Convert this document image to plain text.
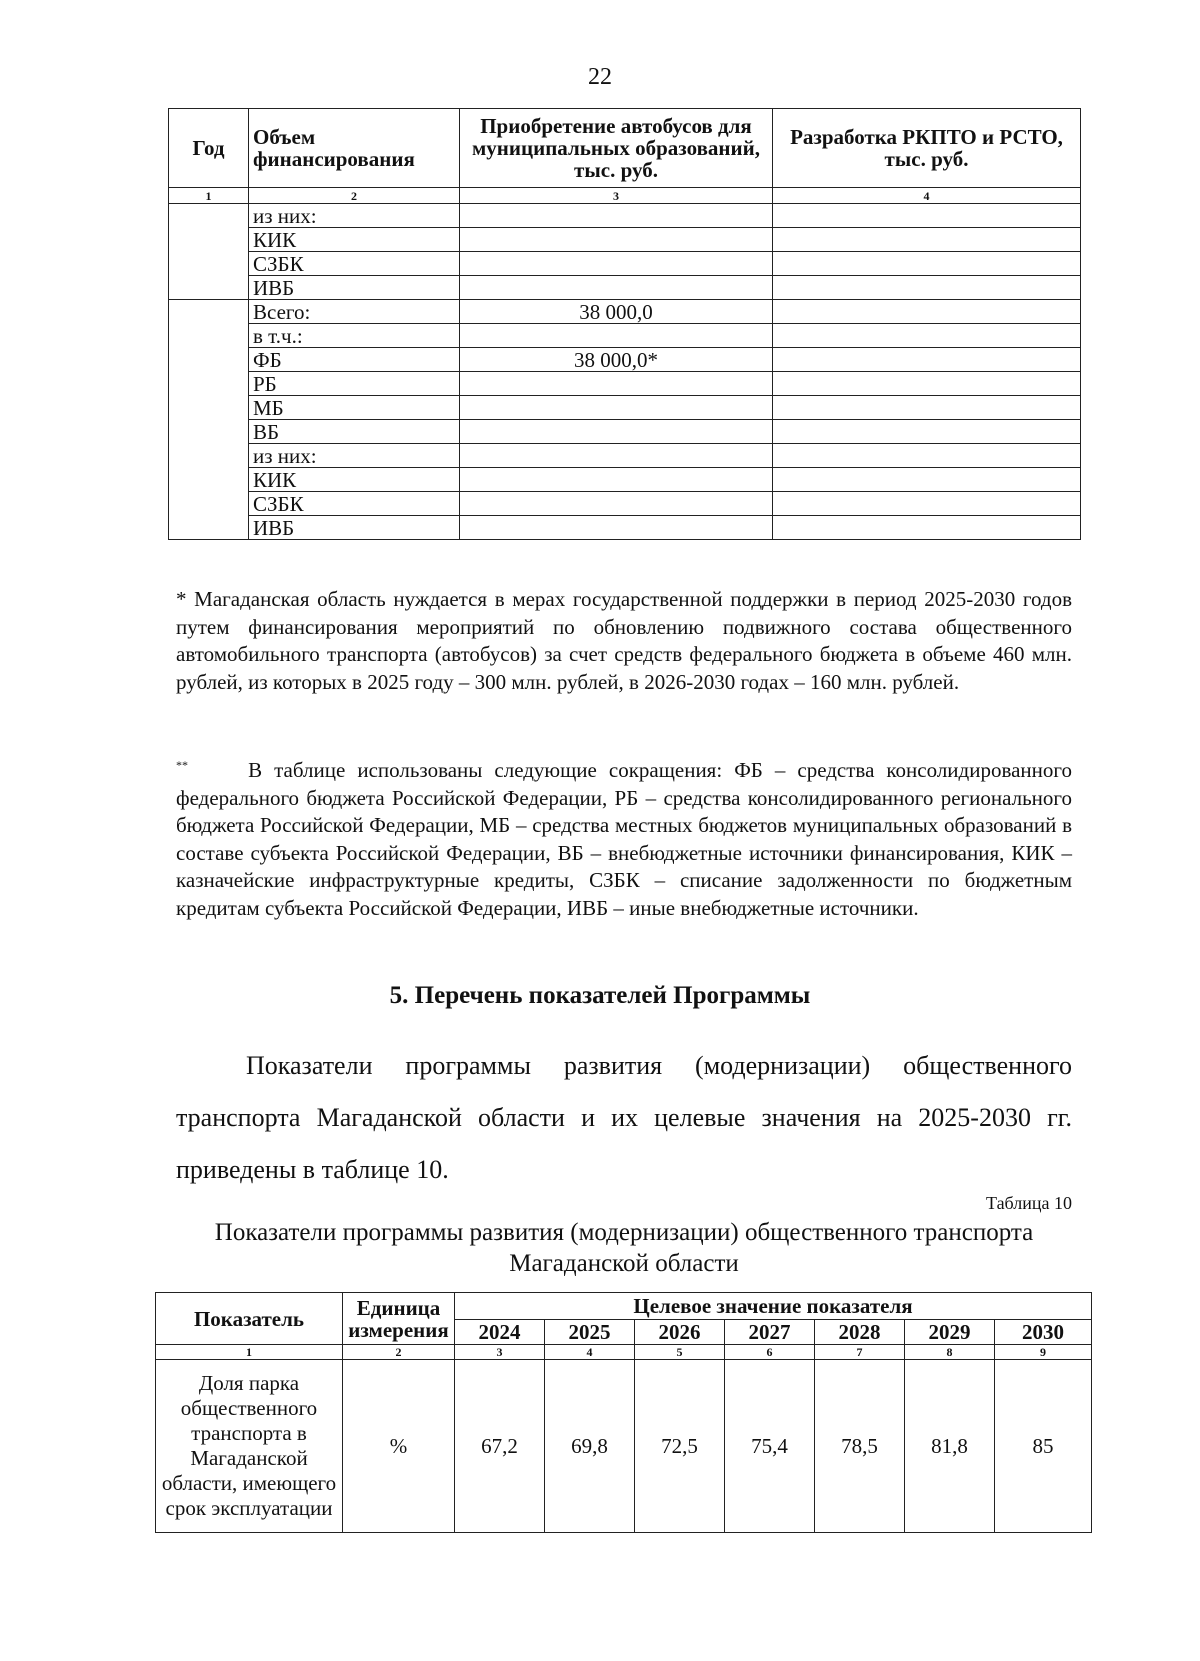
22
Год	Объем финансирования	Приобретение автобусов для муниципальных образований, тыс. руб.	Разработка РКПТО и РСТО, тыс. руб.
1	2	3	4
	из них:		
	КИК		
	СЗБК		
	ИВБ		
	Всего:	38 000,0	
	в т.ч.:		
	ФБ	38 000,0*	
	РБ		
	МБ		
	ВБ		
	из них:		
	КИК		
	СЗБК		
	ИВБ		
* Магаданская область нуждается в мерах государственной поддержки в период 2025-2030 годов путем финансирования мероприятий по обновлению подвижного состава общественного автомобильного транспорта (автобусов) за счет средств федерального бюджета в объеме 460 млн. рублей, из которых в 2025 году – 300 млн. рублей, в 2026-2030 годах – 160 млн. рублей.
**	В таблице использованы следующие сокращения: ФБ – средства консолидированного федерального бюджета Российской Федерации, РБ – средства консолидированного регионального бюджета Российской Федерации, МБ – средства местных бюджетов муниципальных образований в составе субъекта Российской Федерации, ВБ – внебюджетные источники финансирования, КИК – казначейские инфраструктурные кредиты, СЗБК – списание задолженности по бюджетным кредитам субъекта Российской Федерации, ИВБ – иные внебюджетные источники.
5. Перечень показателей Программы
Показатели программы развития (модернизации) общественного транспорта Магаданской области и их целевые значения на 2025-2030 гг. приведены в таблице 10.
Таблица 10
Показатели программы развития (модернизации) общественного транспорта Магаданской области
Показатель	Единица измерения	Целевое значение показателя						
		2024	2025	2026	2027	2028	2029	2030
1	2	3	4	5	6	7	8	9
Доля парка общественного транспорта в Магаданской области, имеющего срок эксплуатации	%	67,2	69,8	72,5	75,4	78,5	81,8	85
